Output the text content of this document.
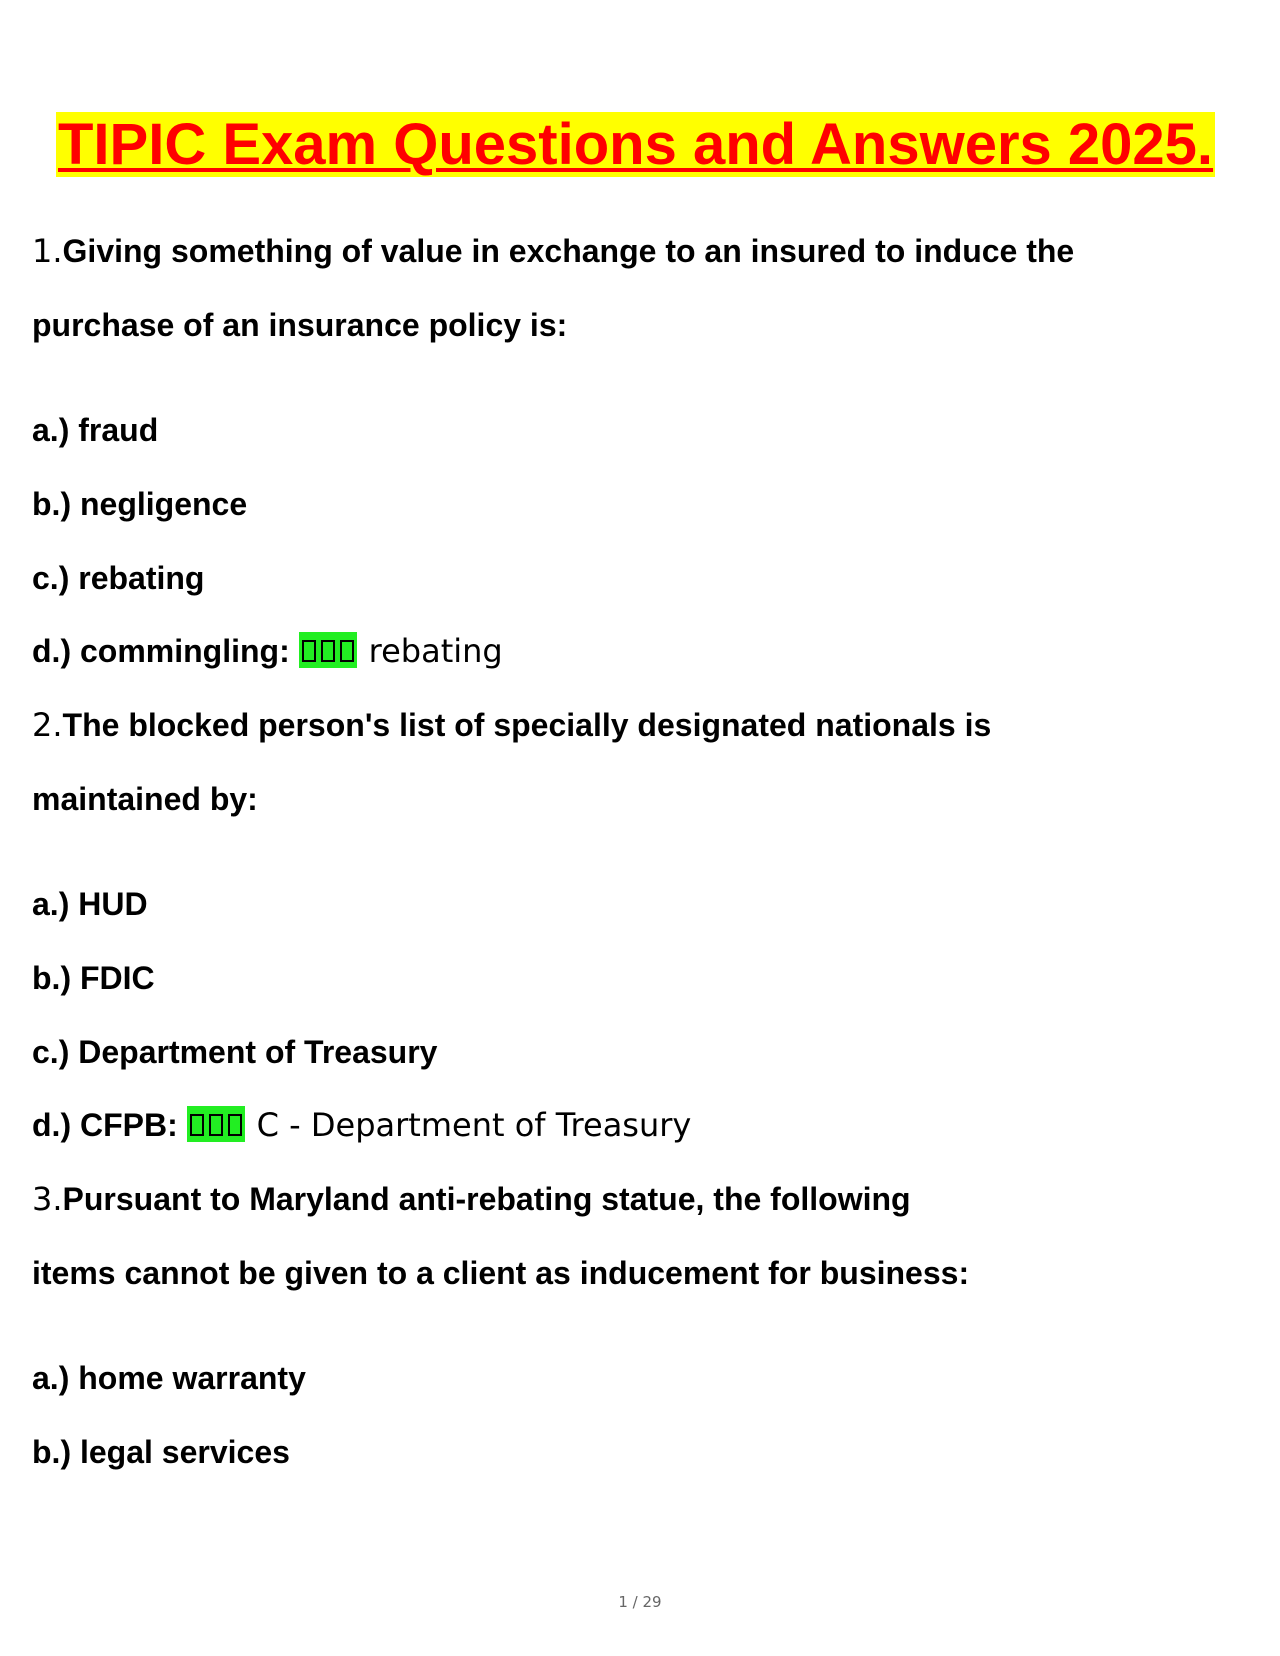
TIPIC Exam Questions and Answers 2025.

1.Giving something of value in exchange to an insured to induce the

purchase of an insurance policy is:

a.) fraud

b.) negligence

c.) rebating

d.) commingling: rebating

2.The blocked person's list of specially designated nationals is

maintained by:

a.) HUD

b.) FDIC

c.) Department of Treasury

d.) CFPB: C - Department of Treasury

3.Pursuant to Maryland anti-rebating statue, the following

items cannot be given to a client as inducement for business:

a.) home warranty

b.) legal services

1 / 29
